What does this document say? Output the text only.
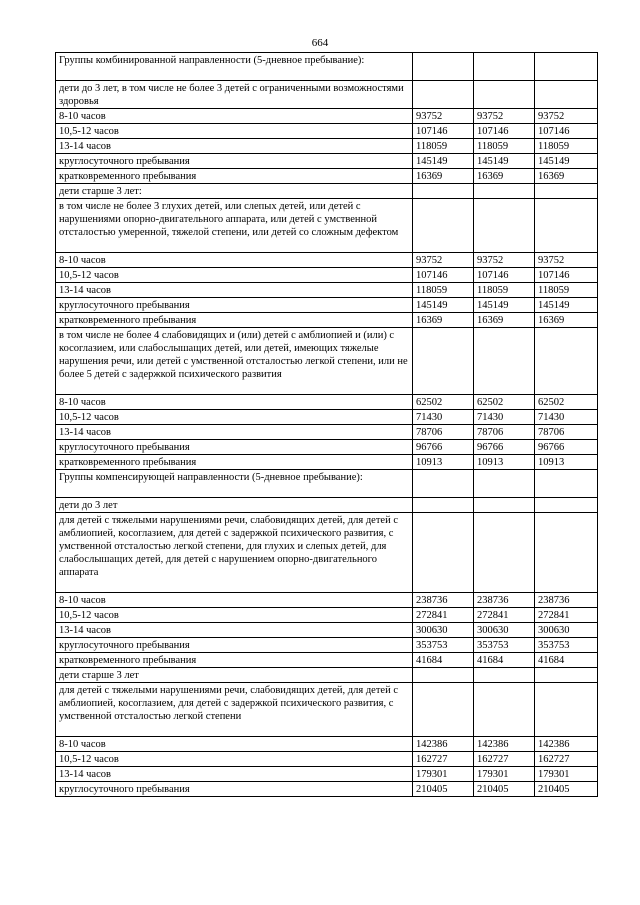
664
Группы комбинированной направленности (5-дневное пребывание):			
дети до 3 лет, в том числе не более 3 детей с ограниченными возможностями здоровья			
8-10 часов	93752	93752	93752
10,5-12 часов	107146	107146	107146
13-14 часов	118059	118059	118059
круглосуточного пребывания	145149	145149	145149
кратковременного пребывания	16369	16369	16369
дети старше 3 лет:			
в том числе не более 3 глухих детей, или слепых детей, или детей с нарушениями опорно-двигательного аппарата, или детей с умственной отсталостью умеренной, тяжелой степени, или детей со сложным дефектом			
8-10 часов	93752	93752	93752
10,5-12 часов	107146	107146	107146
13-14 часов	118059	118059	118059
круглосуточного пребывания	145149	145149	145149
кратковременного пребывания	16369	16369	16369
в том числе не более 4 слабовидящих и (или) детей с амблиопией и (или) с косоглазием, или слабослышащих детей, или детей, имеющих тяжелые нарушения речи, или детей с умственной отсталостью легкой степени, или не более 5 детей с задержкой психического развития			
8-10 часов	62502	62502	62502
10,5-12 часов	71430	71430	71430
13-14 часов	78706	78706	78706
круглосуточного пребывания	96766	96766	96766
кратковременного пребывания	10913	10913	10913
Группы компенсирующей направленности (5-дневное пребывание):			
дети до 3 лет			
для детей с тяжелыми нарушениями речи, слабовидящих детей, для детей с амблиопией, косоглазием, для детей с задержкой психического развития, с умственной отсталостью легкой степени, для глухих и слепых детей, для слабослышащих детей, для детей с нарушением опорно-двигательного аппарата			
8-10 часов	238736	238736	238736
10,5-12 часов	272841	272841	272841
13-14 часов	300630	300630	300630
круглосуточного пребывания	353753	353753	353753
кратковременного пребывания	41684	41684	41684
дети старше 3 лет			
для детей с тяжелыми нарушениями речи, слабовидящих детей, для детей с амблиопией, косоглазием, для детей с задержкой психического развития, с умственной отсталостью легкой степени			
8-10 часов	142386	142386	142386
10,5-12 часов	162727	162727	162727
13-14 часов	179301	179301	179301
круглосуточного пребывания	210405	210405	210405
